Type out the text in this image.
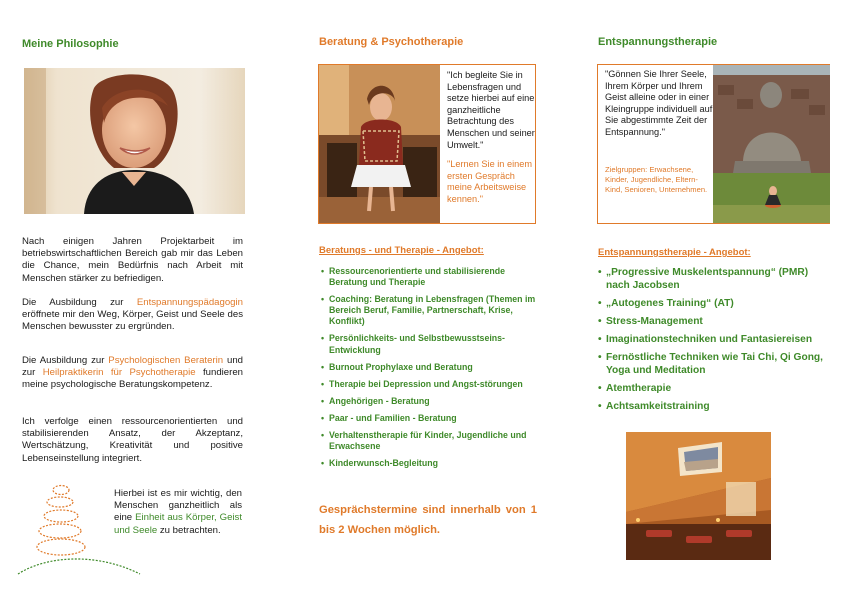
Meine Philosophie
Nach einigen Jahren Projektarbeit im betriebswirtschaftlichen Bereich gab mir das Leben die Chance, mein Bedürfnis nach Arbeit mit Menschen stärker zu befriedigen.
Die Ausbildung zur Entspannungspädagogin eröffnete mir den Weg, Körper, Geist und Seele des Menschen bewusster zu ergründen.
Die Ausbildung zur Psychologischen Beraterin und zur Heilpraktikerin für Psychotherapie fundieren meine psychologische Beratungskompetenz.
Ich verfolge einen ressourcenorientierten und stabilisierenden Ansatz, der Akzeptanz, Wertschätzung, Kreativität und positive Lebenseinstellung integriert.
Hierbei ist es mir wichtig, den Menschen ganzheitlich als eine Einheit aus Körper, Geist und Seele zu betrachten.
Beratung & Psychotherapie
"Ich begleite Sie in Lebensfragen und setze hierbei auf eine ganzheitliche Betrachtung des Menschen und seiner Umwelt."
"Lernen Sie in einem ersten Gespräch meine Arbeitsweise kennen."
Beratungs - und Therapie - Angebot:
• Ressourcenorientierte und stabilisierende Beratung und Therapie
• Coaching: Beratung in Lebensfragen (Themen im Bereich Beruf, Familie, Partnerschaft, Krise, Konflikt)
• Persönlichkeits- und Selbstbewusstseins-Entwicklung
• Burnout Prophylaxe und Beratung
• Therapie bei Depression und Angst-störungen
• Angehörigen - Beratung
• Paar - und Familien - Beratung
• Verhaltenstherapie für Kinder, Jugendliche und Erwachsene
• Kinderwunsch-Begleitung
Gesprächstermine sind innerhalb von 1 bis 2 Wochen möglich.
Entspannungstherapie
"Gönnen Sie Ihrer Seele, Ihrem Körper und Ihrem Geist alleine oder in einer Kleingruppe individuell auf Sie abgestimmte Zeit der Entspannung."
Zielgruppen: Erwachsene, Kinder, Jugendliche, Eltern-Kind, Senioren, Unternehmen.
Entspannungstherapie - Angebot:
• „Progressive Muskelentspannung“ (PMR) nach Jacobsen
• „Autogenes Training“ (AT)
• Stress-Management
• Imaginationstechniken und Fantasiereisen
• Fernöstliche Techniken wie Tai Chi, Qi Gong, Yoga und Meditation
• Atemtherapie
• Achtsamkeitstraining
